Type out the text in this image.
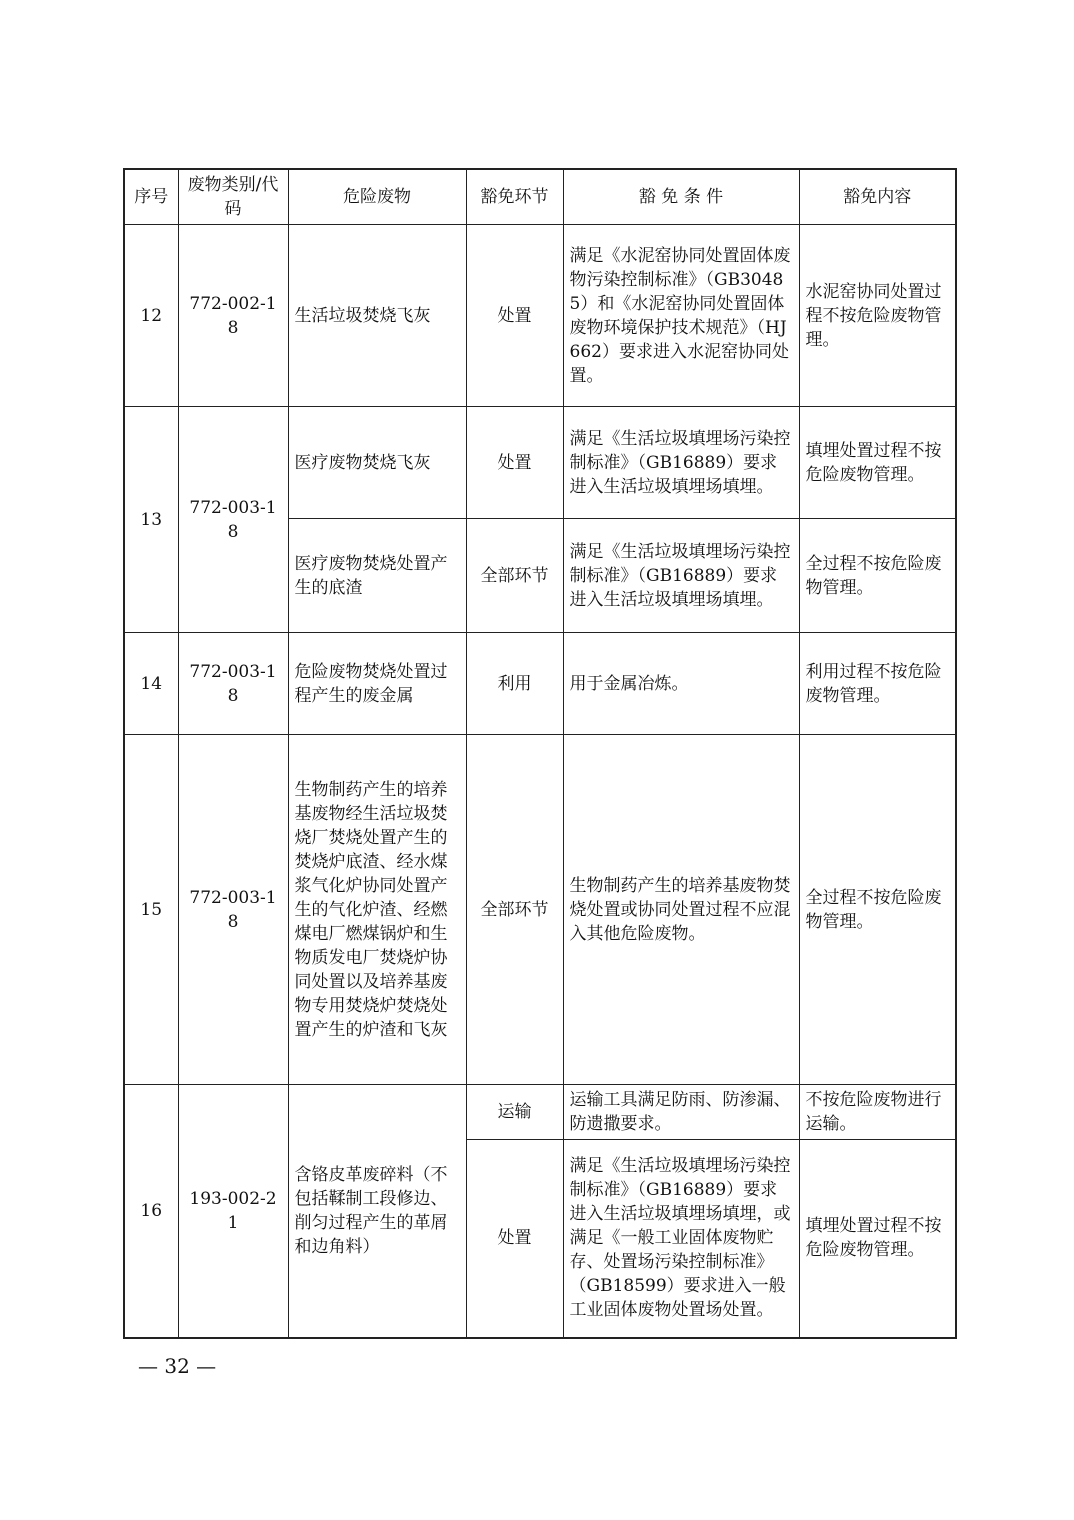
序号	废物类别/代码	危险废物	豁免环节	豁 免 条 件	豁免内容
12	772-002-18	生活垃圾焚烧飞灰	处置	满足《水泥窑协同处置固体废物污染控制标准》（GB30485）和《水泥窑协同处置固体废物环境保护技术规范》（HJ662）要求进入水泥窑协同处置。	水泥窑协同处置过程不按危险废物管理。
13	772-003-18	医疗废物焚烧飞灰	处置	满足《生活垃圾填埋场污染控制标准》（GB16889）要求进入生活垃圾填埋场填埋。	填埋处置过程不按危险废物管理。
		医疗废物焚烧处置产生的底渣	全部环节	满足《生活垃圾填埋场污染控制标准》（GB16889）要求进入生活垃圾填埋场填埋。	全过程不按危险废物管理。
14	772-003-18	危险废物焚烧处置过程产生的废金属	利用	用于金属冶炼。	利用过程不按危险废物管理。
15	772-003-18	生物制药产生的培养基废物经生活垃圾焚烧厂焚烧处置产生的焚烧炉底渣、经水煤浆气化炉协同处置产生的气化炉渣、经燃煤电厂燃煤锅炉和生物质发电厂焚烧炉协同处置以及培养基废物专用焚烧炉焚烧处置产生的炉渣和飞灰	全部环节	生物制药产生的培养基废物焚烧处置或协同处置过程不应混入其他危险废物。	全过程不按危险废物管理。
16	193-002-21	含铬皮革废碎料（不包括鞣制工段修边、削匀过程产生的革屑和边角料）	运输	运输工具满足防雨、防渗漏、防遗撒要求。	不按危险废物进行运输。
			处置	满足《生活垃圾填埋场污染控制标准》（GB16889）要求进入生活垃圾填埋场填埋，或满足《一般工业固体废物贮存、处置场污染控制标准》（GB18599）要求进入一般工业固体废物处置场处置。	填埋处置过程不按危险废物管理。
— 32 —
